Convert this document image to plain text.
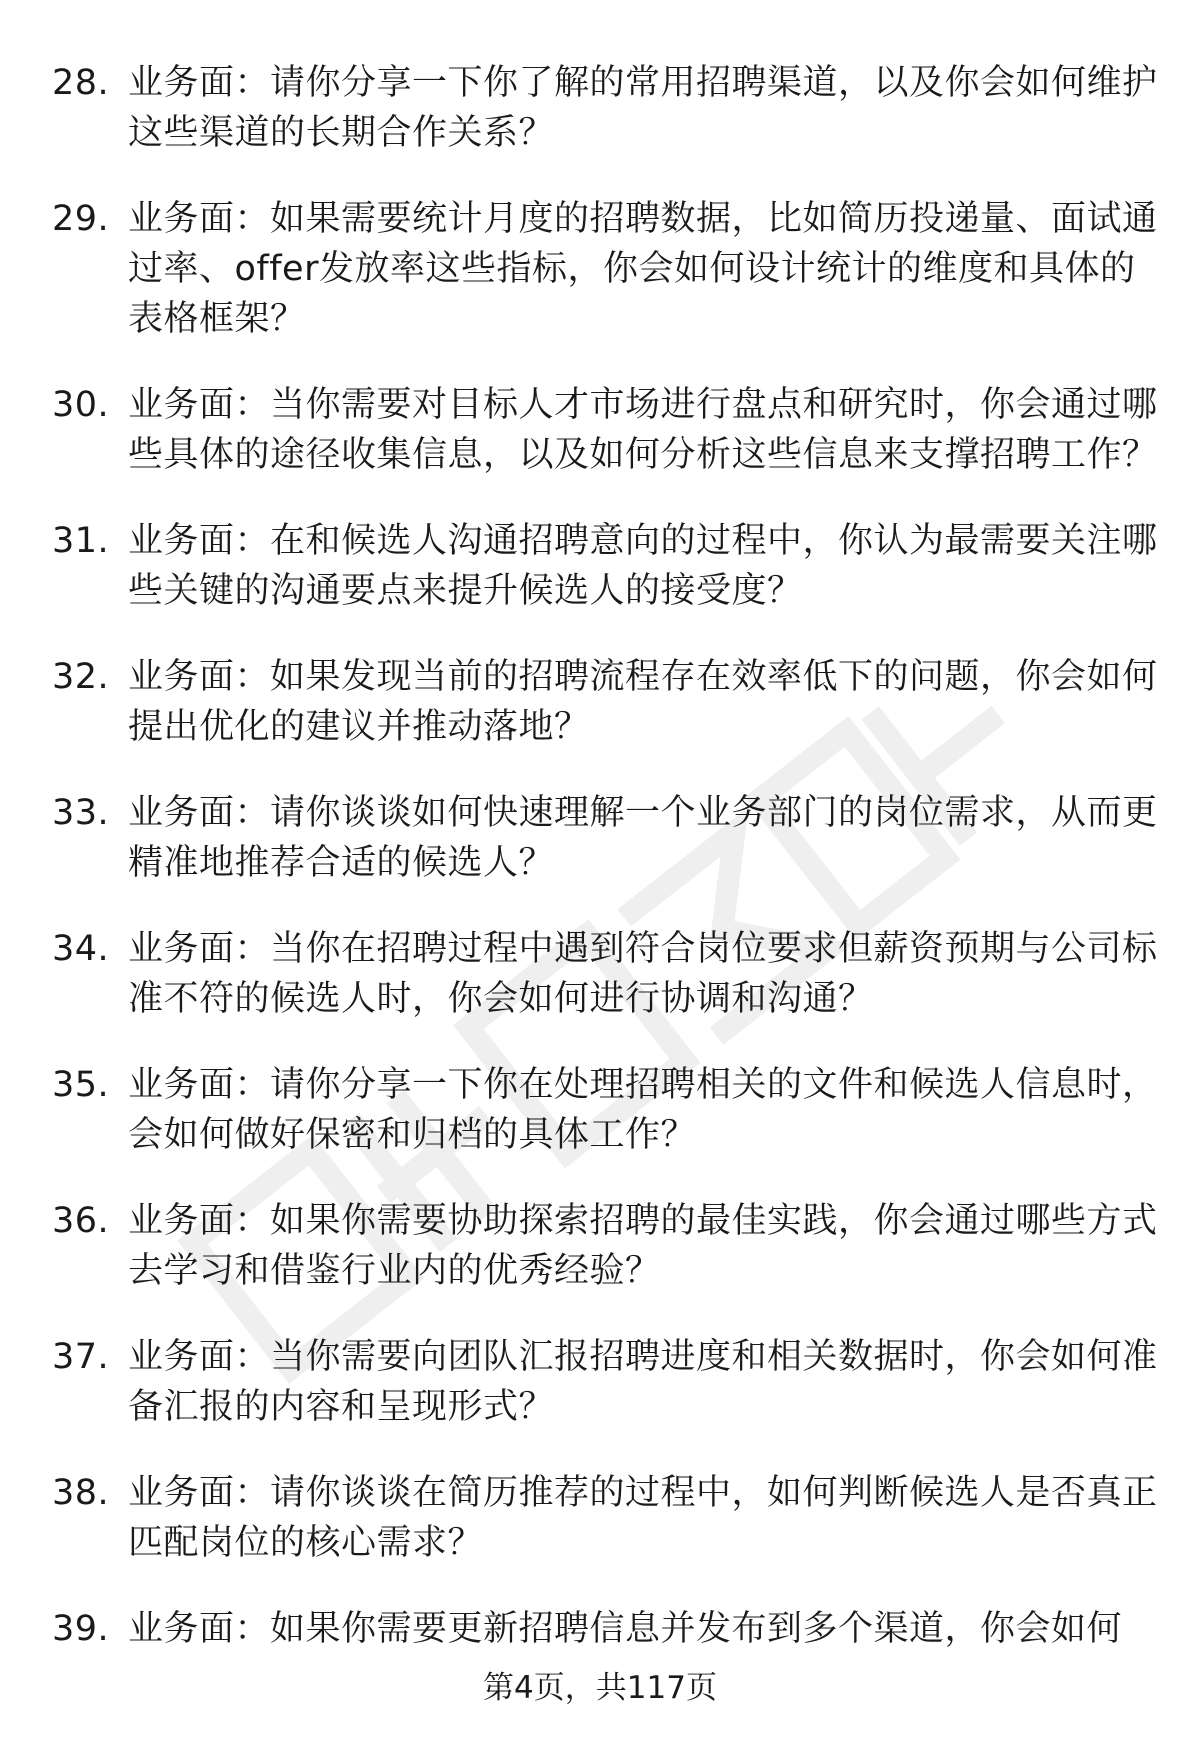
28. 业务面：请你分享一下你了解的常用招聘渠道，以及你会如何维护这些渠道的长期合作关系？
29. 业务面：如果需要统计月度的招聘数据，比如简历投递量、面试通过率、offer发放率这些指标，你会如何设计统计的维度和具体的表格框架？
30. 业务面：当你需要对目标人才市场进行盘点和研究时，你会通过哪些具体的途径收集信息，以及如何分析这些信息来支撑招聘工作？
31. 业务面：在和候选人沟通招聘意向的过程中，你认为最需要关注哪些关键的沟通要点来提升候选人的接受度？
32. 业务面：如果发现当前的招聘流程存在效率低下的问题，你会如何提出优化的建议并推动落地？
33. 业务面：请你谈谈如何快速理解一个业务部门的岗位需求，从而更精准地推荐合适的候选人？
34. 业务面：当你在招聘过程中遇到符合岗位要求但薪资预期与公司标准不符的候选人时，你会如何进行协调和沟通？
35. 业务面：请你分享一下你在处理招聘相关的文件和候选人信息时，会如何做好保密和归档的具体工作？
36. 业务面：如果你需要协助探索招聘的最佳实践，你会通过哪些方式去学习和借鉴行业内的优秀经验？
37. 业务面：当你需要向团队汇报招聘进度和相关数据时，你会如何准备汇报的内容和呈现形式？
38. 业务面：请你谈谈在简历推荐的过程中，如何判断候选人是否真正匹配岗位的核心需求？
39. 业务面：如果你需要更新招聘信息并发布到多个渠道，你会如何
第4页，共117页
